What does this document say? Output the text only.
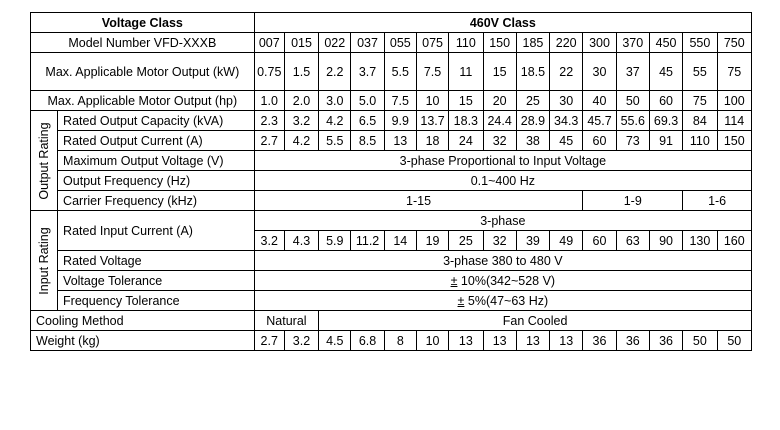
Voltage Class		460V Class														
Model Number VFD-XXXB		007	015	022	037	055	075	110	150	185	220	300	370	450	550	750
Max. Applicable Motor Output (kW)		0.75	1.5	2.2	3.7	5.5	7.5	11	15	18.5	22	30	37	45	55	75
Max. Applicable Motor Output (hp)		1.0	2.0	3.0	5.0	7.5	10	15	20	25	30	40	50	60	75	100

Output Rating	Rated Output Capacity (kVA)	2.3	3.2	4.2	6.5	9.9	13.7	18.3	24.4	28.9	34.3	45.7	55.6	69.3	84	114
	Rated Output Current (A)	2.7	4.2	5.5	8.5	13	18	24	32	38	45	60	73	91	110	150
	Maximum Output Voltage (V)	3-phase Proportional to Input Voltage														
	Output Frequency (Hz)	0.1~400 Hz														
	Carrier Frequency (kHz)	1-15										1-9			1-6	

Input Rating	Rated Input Current (A)	3-phase														
		3.2	4.3	5.9	11.2	14	19	25	32	39	49	60	63	90	130	160
	Rated Voltage	3-phase 380 to 480 V														
	Voltage Tolerance	± 10%(342~528 V)														
	Frequency Tolerance	± 5%(47~63 Hz)														
Cooling Method		Natural		Fan Cooled												
Weight (kg)		2.7	3.2	4.5	6.8	8	10	13	13	13	13	36	36	36	50	50
